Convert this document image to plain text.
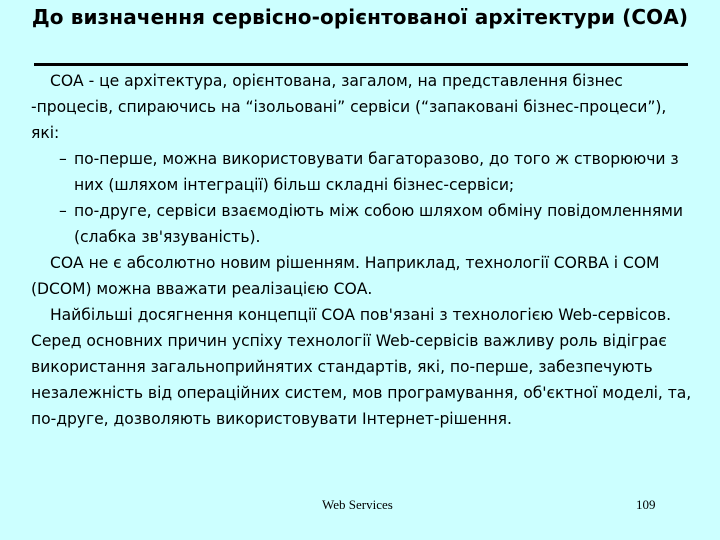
До визначення сервісно-орієнтованої архітектури (СОА)

СОА - це архітектура, орієнтована, загалом, на представлення бізнес -процесів, спираючись на “ізольовані” сервіси (“запаковані бізнес-процеси”), які:

– по-перше, можна використовувати багаторазово, до того ж створюючи з них (шляхом інтеграції) більш складні бізнес-сервіси;

– по-друге, сервіси взаємодіють між собою шляхом обміну повідомленнями (слабка зв'язуваність).

СОА не є абсолютно новим рішенням. Наприклад, технології CORBA і COM (DCOM) можна вважати реалізацією СОА.

Найбільші досягнення концепції СОА пов'язані з технологією Web-сервісов. Серед основних причин успіху технології Web-сервісів важливу роль відіграє використання загальноприйнятих стандартів, які, по-перше, забезпечують незалежність від операційних систем, мов програмування, об'єктної моделі, та, по-друге, дозволяють використовувати Інтернет-рішення.

Web Services	109
